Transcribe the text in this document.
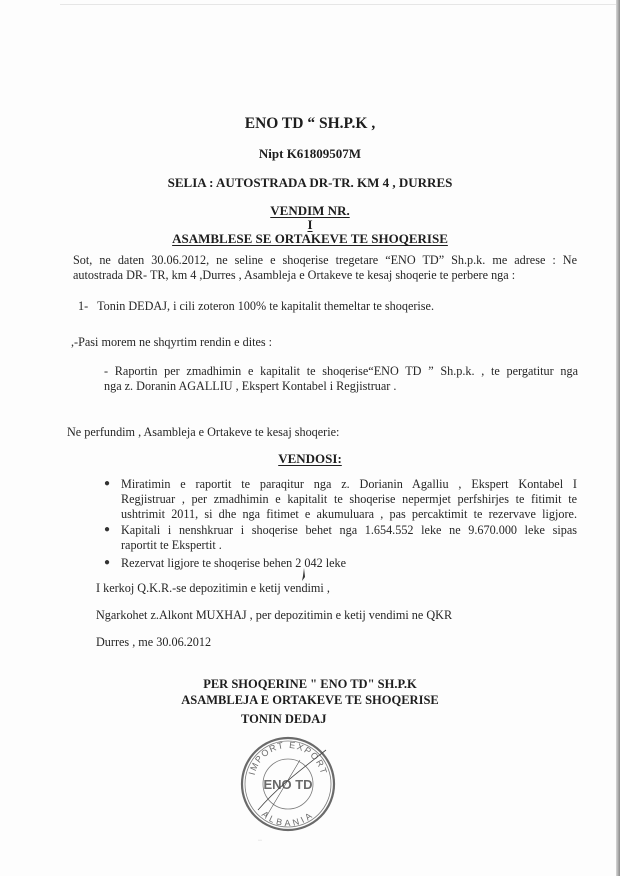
ENO TD “ SH.P.K ,
Nipt K61809507M
SELIA : AUTOSTRADA DR-TR. KM 4 , DURRES
VENDIM NR.
I
ASAMBLESE SE ORTAKEVE TE SHOQERISE
Sot, ne daten 30.06.2012, ne seline e shoqerise tregetare “ENO TD” Sh.p.k. me adrese : Ne
autostrada DR- TR, km 4 ,Durres , Asambleja e Ortakeve te kesaj shoqerie te perbere nga :
1- Tonin DEDAJ, i cili zoteron 100% te kapitalit themeltar te shoqerise.
,-Pasi morem ne shqyrtim rendin e dites :
- Raportin per zmadhimin e kapitalit te shoqerise“ENO TD ” Sh.p.k. , te pergatitur nga
nga z. Doranin AGALLIU , Ekspert Kontabel i Regjistruar .
Ne perfundim , Asambleja e Ortakeve te kesaj shoqerie:
VENDOSI:
● Miratimin e raportit te paraqitur nga z. Dorianin Agalliu , Ekspert Kontabel I
Regjistruar , per zmadhimin e kapitalit te shoqerise nepermjet perfshirjes te fitimit te
ushtrimit 2011, si dhe nga fitimet e akumuluara , pas percaktimit te rezervave ligjore.
● Kapitali i nenshkruar i shoqerise behet nga 1.654.552 leke ne 9.670.000 leke sipas
raportit te Ekspertit .
● Rezervat ligjore te shoqerise behen 2 042 leke
I kerkoj Q.K.R.-se depozitimin e ketij vendimi ,
Ngarkohet z.Alkont MUXHAJ , per depozitimin e ketij vendimi ne QKR
Durres , me 30.06.2012
PER SHOQERINE " ENO TD" SH.P.K
ASAMBLEJA E ORTAKEVE TE SHOQERISE
TONIN DEDAJ
IMPORT EXPORT
ALBANIA
ENO TD
··
